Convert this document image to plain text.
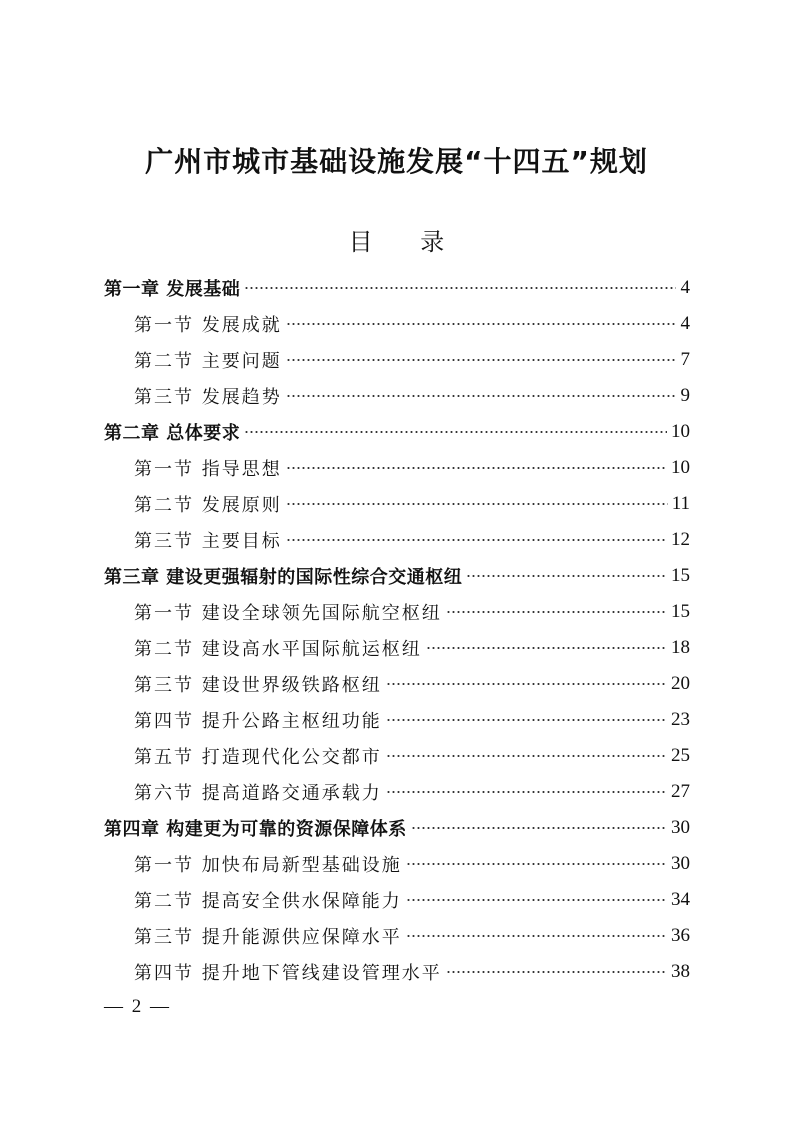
广州市城市基础设施发展“十四五”规划
目 录
第一章 发展基础	4
第一节 发展成就	4
第二节 主要问题	7
第三节 发展趋势	9
第二章 总体要求	10
第一节 指导思想	10
第二节 发展原则	11
第三节 主要目标	12
第三章 建设更强辐射的国际性综合交通枢纽	15
第一节 建设全球领先国际航空枢纽	15
第二节 建设高水平国际航运枢纽	18
第三节 建设世界级铁路枢纽	20
第四节 提升公路主枢纽功能	23
第五节 打造现代化公交都市	25
第六节 提高道路交通承载力	27
第四章 构建更为可靠的资源保障体系	30
第一节 加快布局新型基础设施	30
第二节 提高安全供水保障能力	34
第三节 提升能源供应保障水平	36
第四节 提升地下管线建设管理水平	38
— 2 —
